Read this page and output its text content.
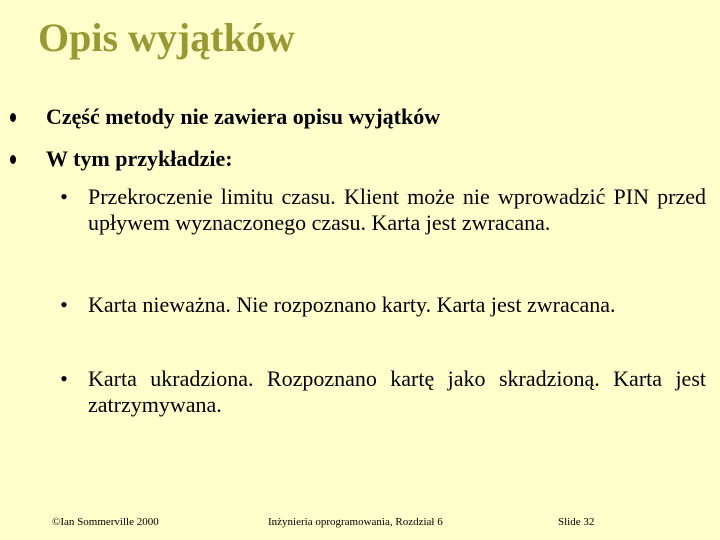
Opis wyjątków
Część metody nie zawiera opisu wyjątków
W tym przykładzie:
• Przekroczenie limitu czasu. Klient może nie wprowadzić PIN przed upływem wyznaczonego czasu. Karta jest zwracana.
• Karta nieważna. Nie rozpoznano karty. Karta jest zwracana.
• Karta ukradziona. Rozpoznano kartę jako skradzioną. Karta jest zatrzymywana.
©Ian Sommerville 2000	Inżynieria oprogramowania, Rozdział 6	Slide 32
